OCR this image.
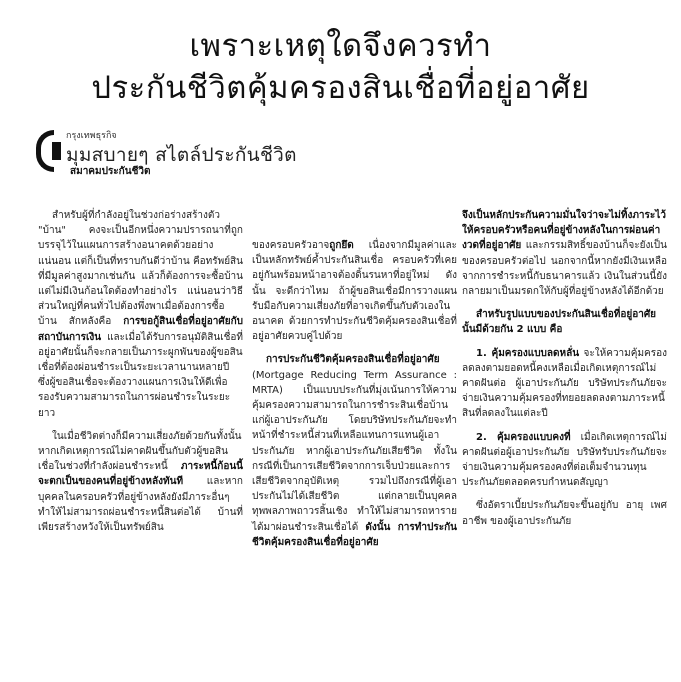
เพราะเหตุใดจึงควรทำ
ประกันชีวิตคุ้มครองสินเชื่อที่อยู่อาศัย
กรุงเทพธุรกิจ
มุมสบายๆ สไตล์ประกันชีวิต
สมาคมประกันชีวิต

สำหรับผู้ที่กำลังอยู่ในช่วงก่อร่างสร้างตัว "บ้าน" คงจะเป็นอีกหนึ่งความปรารถนาที่ถูกบรรจุไว้ในแผนการสร้างอนาคตด้วยอย่างแน่นอน แต่ก็เป็นที่ทราบกันดีว่าบ้าน คือทรัพย์สินที่มีมูลค่าสูงมากเช่นกัน แล้วก็ต้องการจะซื้อบ้านแต่ไม่มีเงินก้อนใดต้องทำอย่างไร แน่นอนว่าวิธีส่วนใหญ่ที่คนทั่วไปต้องพึ่งพาเมื่อต้องการซื้อบ้าน สักหลังคือ การขอกู้สินเชื่อที่อยู่อาศัยกับสถาบันการเงิน และเมื่อได้รับการอนุมัติสินเชื่อที่อยู่อาศัยนั้นก็จะกลายเป็นภาระผูกพันของผู้ขอสินเชื่อที่ต้องผ่อนชำระเป็นระยะเวลานานหลายปี ซึ่งผู้ขอสินเชื่อจะต้องวางแผนการเงินให้ดีเพื่อรองรับความสามารถในการผ่อนชำระในระยะยาว

ในเมื่อชีวิตต่างก็มีความเสี่ยงภัยด้วยกันทั้งนั้น หากเกิดเหตุการณ์ไม่คาดฝันขึ้นกับตัวผู้ขอสินเชื่อในช่วงที่กำลังผ่อนชำระหนี้ ภาระหนี้ก้อนนี้จะตกเป็นของคนที่อยู่ข้างหลังทันที และหากบุคคลในครอบครัวที่อยู่ข้างหลังยังมีภาระอื่นๆ ทำให้ไม่สามารถผ่อนชำระหนี้สินต่อได้ บ้านที่เพียรสร้างหวังให้เป็นทรัพย์สิน

ของครอบครัวอาจถูกยึด เนื่องจากมีมูลค่าและเป็นหลักทรัพย์ค้ำประกันสินเชื่อ ครอบครัวที่เคยอยู่กันพร้อมหน้าอาจต้องดิ้นรนหาที่อยู่ใหม่ ดังนั้น จะดีกว่าไหม ถ้าผู้ขอสินเชื่อมีการวางแผนรับมือกับความเสี่ยงภัยที่อาจเกิดขึ้นกับตัวเองในอนาคต ด้วยการทำประกันชีวิตคุ้มครองสินเชื่อที่อยู่อาศัยควบคู่ไปด้วย

การประกันชีวิตคุ้มครองสินเชื่อที่อยู่อาศัย (Mortgage Reducing Term Assurance : MRTA) เป็นแบบประกันที่มุ่งเน้นการให้ความคุ้มครองความสามารถในการชำระสินเชื่อบ้านแก่ผู้เอาประกันภัย โดยบริษัทประกันภัยจะทำหน้าที่ชำระหนี้ส่วนที่เหลือแทนการแทนผู้เอาประกันภัย หากผู้เอาประกันภัยเสียชีวิต ทั้งในกรณีที่เป็นการเสียชีวิตจากการเจ็บป่วยและการเสียชีวิตจากอุบัติเหตุ รวมไปถึงกรณีที่ผู้เอาประกันไม่ได้เสียชีวิต แต่กลายเป็นบุคคลทุพพลภาพถาวรสิ้นเชิง ทำให้ไม่สามารถหารายได้มาผ่อนชำระสินเชื่อได้ ดังนั้น การทำประกันชีวิตคุ้มครองสินเชื่อที่อยู่อาศัย

จึงเป็นหลักประกันความมั่นใจว่าจะไม่ทิ้งภาระไว้ให้ครอบครัวหรือคนที่อยู่ข้างหลังในการผ่อนค่างวดที่อยู่อาศัย และกรรมสิทธิ์ของบ้านก็จะยังเป็นของครอบครัวต่อไป นอกจากนี้หากยังมีเงินเหลือจากการชำระหนี้กับธนาคารแล้ว เงินในส่วนนี้ยังกลายมาเป็นมรดกให้กับผู้ที่อยู่ข้างหลังได้อีกด้วย

สำหรับรูปแบบของประกันสินเชื่อที่อยู่อาศัยนั้นมีด้วยกัน 2 แบบ คือ

1. คุ้มครองแบบลดหลั่น จะให้ความคุ้มครองลดลงตามยอดหนี้คงเหลือเมื่อเกิดเหตุการณ์ไม่คาดฝันต่อ ผู้เอาประกันภัย บริษัทประกันภัยจะจ่ายเงินความคุ้มครองที่ทยอยลดลงตามภาระหนี้สินที่ลดลงในแต่ละปี

2. คุ้มครองแบบคงที่ เมื่อเกิดเหตุการณ์ไม่คาดฝันต่อผู้เอาประกันภัย บริษัทรับประกันภัยจะจ่ายเงินความคุ้มครองคงที่ต่อเต็มจำนวนทุนประกันภัยตลอดครบกำหนดสัญญา

ซึ่งอัตราเบี้ยประกันภัยจะขึ้นอยู่กับ อายุ เพศ อาชีพ ของผู้เอาประกันภัย
